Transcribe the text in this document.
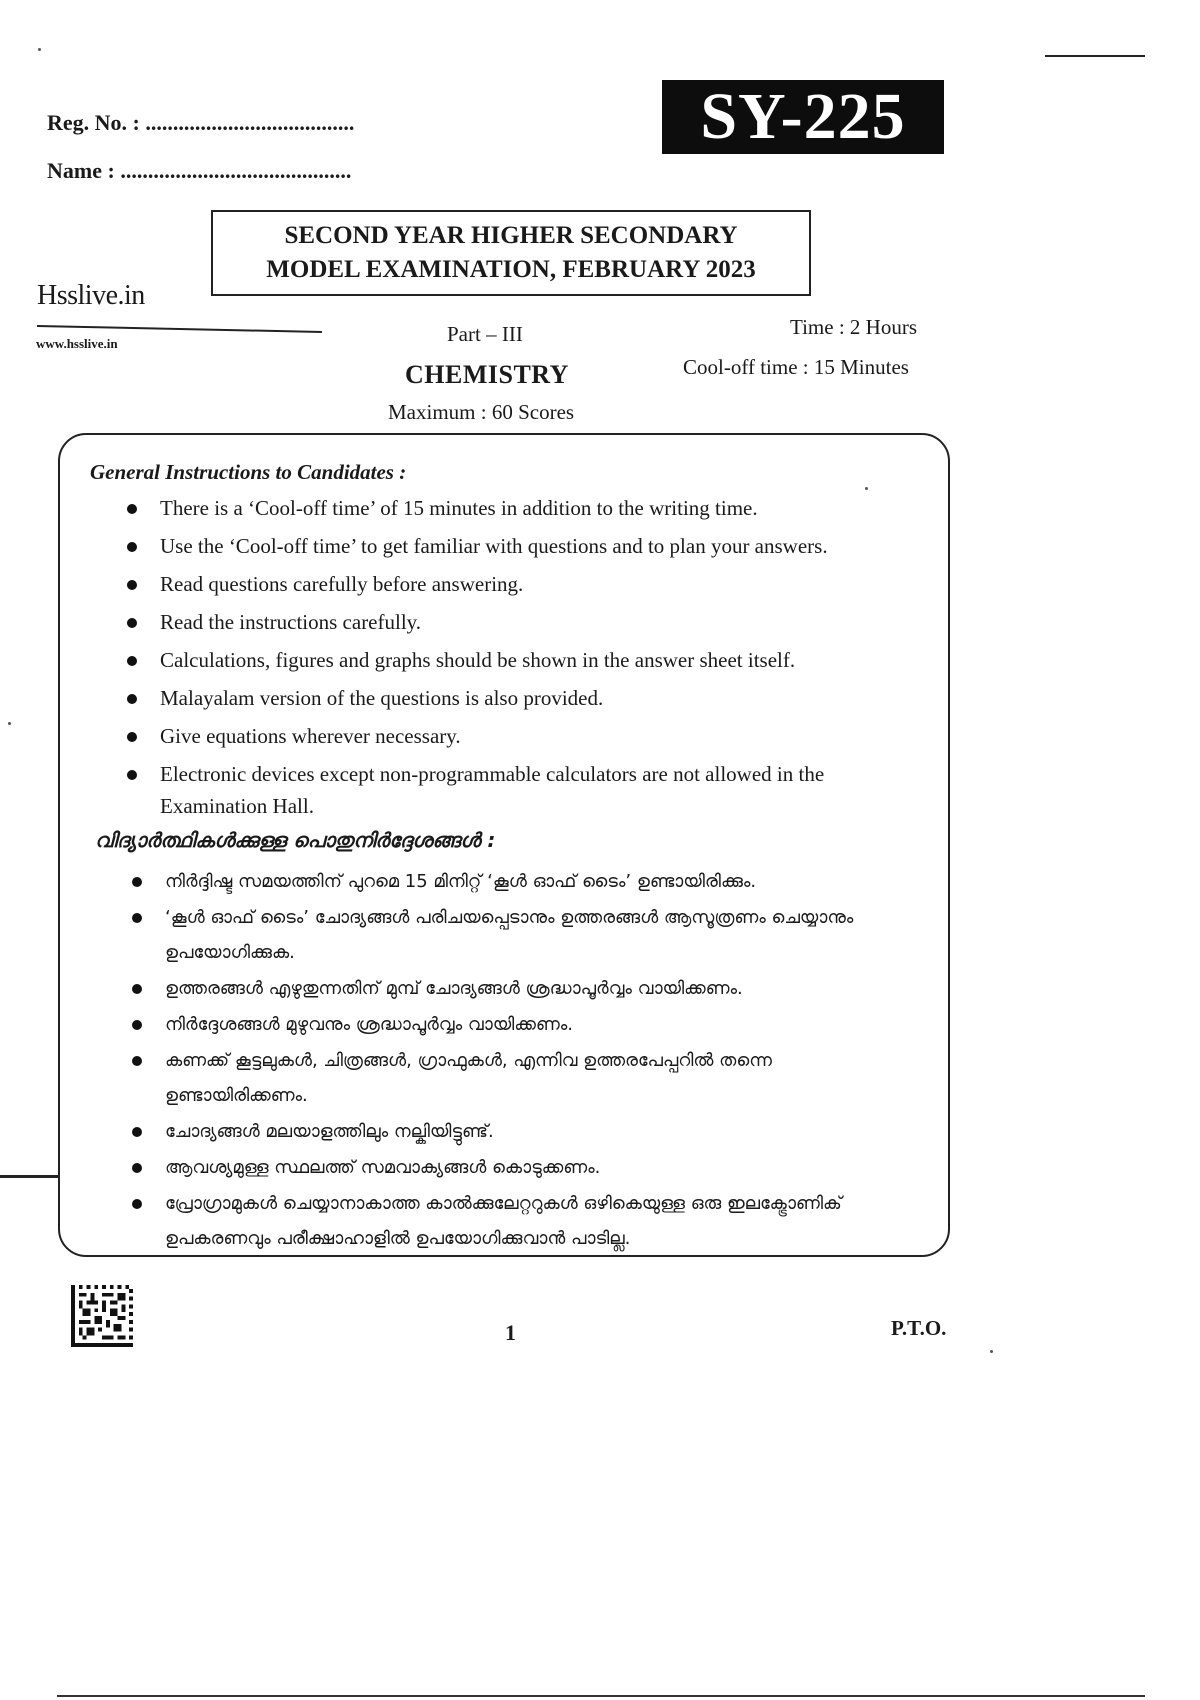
Reg. No. : ......................................
Name : ..........................................
SY-225
SECOND YEAR HIGHER SECONDARY
MODEL EXAMINATION, FEBRUARY 2023
Hsslive.in
www.hsslive.in	Part – III
CHEMISTRY
Maximum : 60 Scores
Time : 2 Hours
Cool-off time : 15 Minutes
General Instructions to Candidates :
There is a ‘Cool-off time’ of 15 minutes in addition to the writing time.
Use the ‘Cool-off time’ to get familiar with questions and to plan your answers.
Read questions carefully before answering.
Read the instructions carefully.
Calculations, figures and graphs should be shown in the answer sheet itself.
Malayalam version of the questions is also provided.
Give equations wherever necessary.
Electronic devices except non-programmable calculators are not allowed in the Examination Hall.
വിദ്യാർത്ഥികൾക്കുള്ള പൊതുനിർദ്ദേശങ്ങൾ :
നിർദ്ദിഷ്ട സമയത്തിന് പുറമെ 15 മിനിറ്റ് ‘കൂൾ ഓഫ് ടൈം’ ഉണ്ടായിരിക്കും.
‘കൂൾ ഓഫ് ടൈം’ ചോദ്യങ്ങൾ പരിചയപ്പെടാനും ഉത്തരങ്ങൾ ആസൂത്രണം ചെയ്യാനും ഉപയോഗിക്കുക.
ഉത്തരങ്ങൾ എഴുതുന്നതിന് മുമ്പ് ചോദ്യങ്ങൾ ശ്രദ്ധാപൂർവ്വം വായിക്കണം.
നിർദ്ദേശങ്ങൾ മുഴുവനും ശ്രദ്ധാപൂർവ്വം വായിക്കണം.
കണക്ക് കൂട്ടലുകൾ, ചിത്രങ്ങൾ, ഗ്രാഫുകൾ, എന്നിവ ഉത്തരപേപ്പറിൽ തന്നെ ഉണ്ടായിരിക്കണം.
ചോദ്യങ്ങൾ മലയാളത്തിലും നല്കിയിട്ടുണ്ട്.
ആവശ്യമുള്ള സ്ഥലത്ത് സമവാക്യങ്ങൾ കൊടുക്കണം.
പ്രോഗ്രാമുകൾ ചെയ്യാനാകാത്ത കാൽക്കുലേറ്ററുകൾ ഒഴികെയുള്ള ഒരു ഇലക്ട്രോണിക് ഉപകരണവും പരീക്ഷാഹാളിൽ ഉപയോഗിക്കുവാൻ പാടില്ല.
1	P.T.O.
